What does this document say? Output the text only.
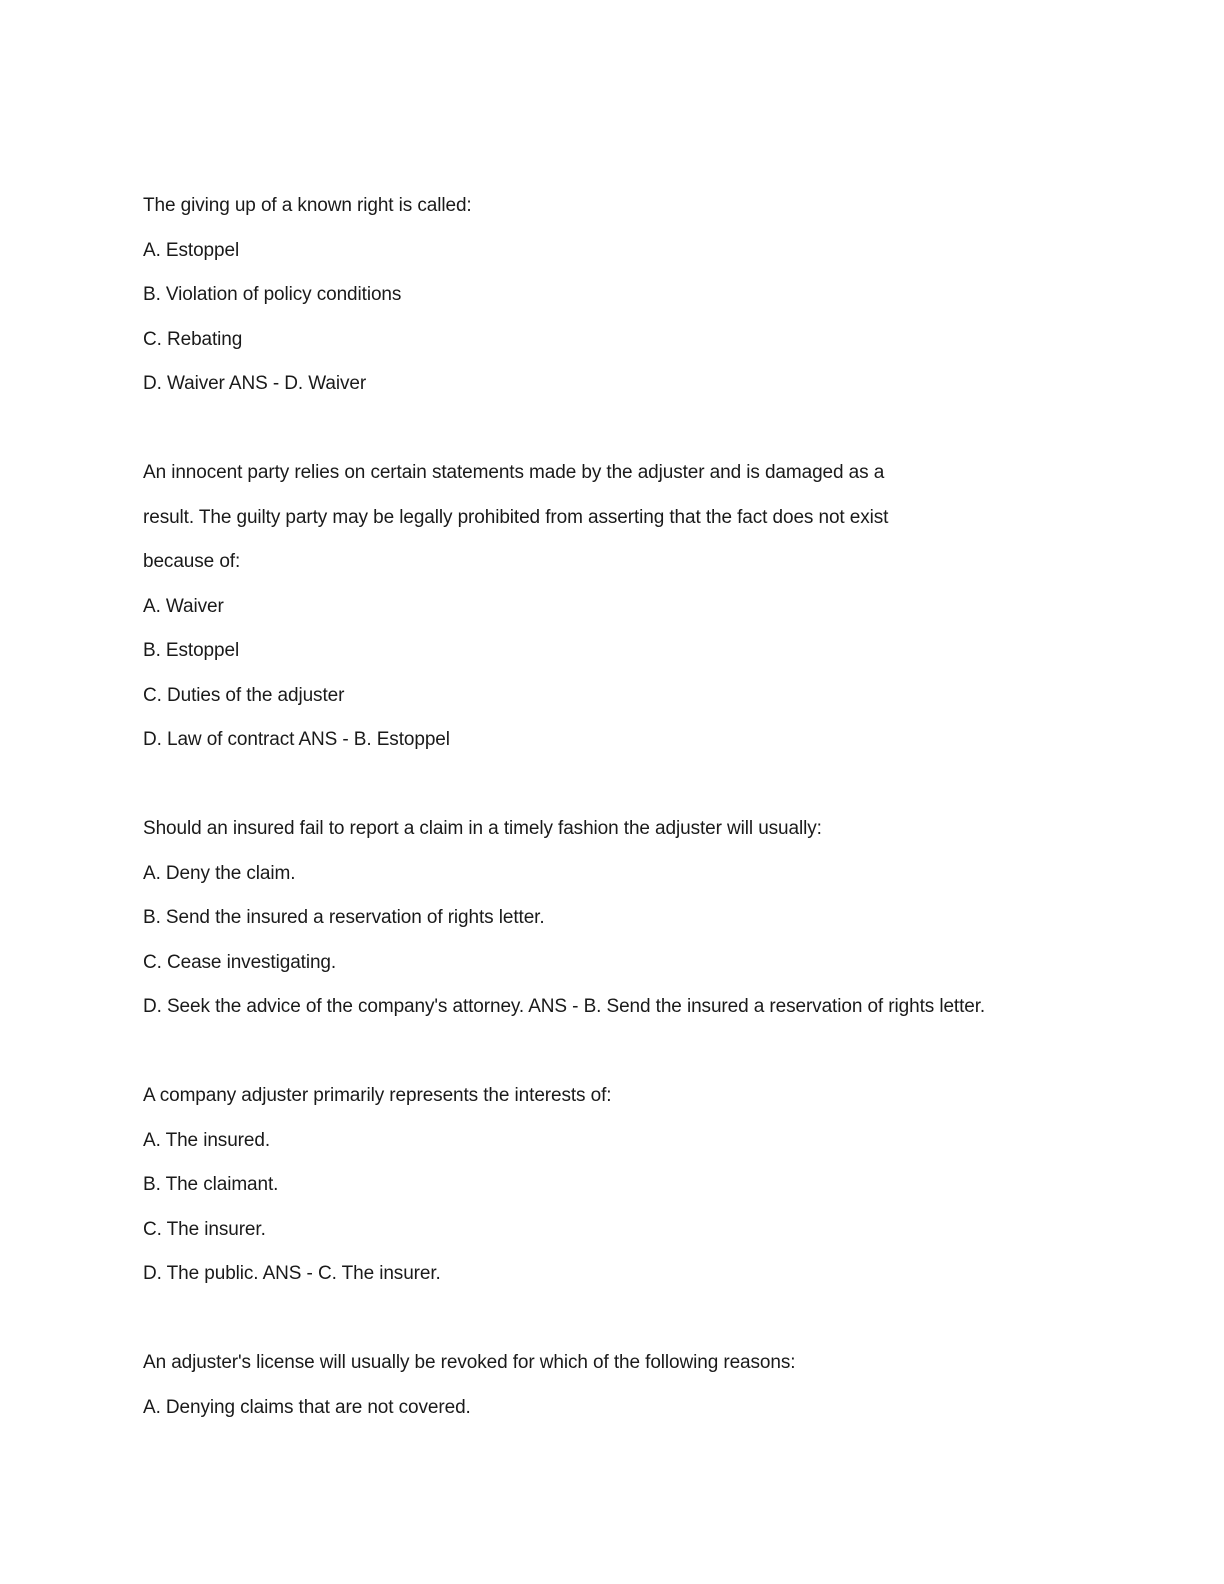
The giving up of a known right is called:
A. Estoppel
B. Violation of policy conditions
C. Rebating
D. Waiver ANS - D. Waiver
An innocent party relies on certain statements made by the adjuster and is damaged as a
result. The guilty party may be legally prohibited from asserting that the fact does not exist
because of:
A. Waiver
B. Estoppel
C. Duties of the adjuster
D. Law of contract ANS - B. Estoppel
Should an insured fail to report a claim in a timely fashion the adjuster will usually:
A. Deny the claim.
B. Send the insured a reservation of rights letter.
C. Cease investigating.
D. Seek the advice of the company's attorney. ANS - B. Send the insured a reservation of rights letter.
A company adjuster primarily represents the interests of:
A. The insured.
B. The claimant.
C. The insurer.
D. The public. ANS - C. The insurer.
An adjuster's license will usually be revoked for which of the following reasons:
A. Denying claims that are not covered.
